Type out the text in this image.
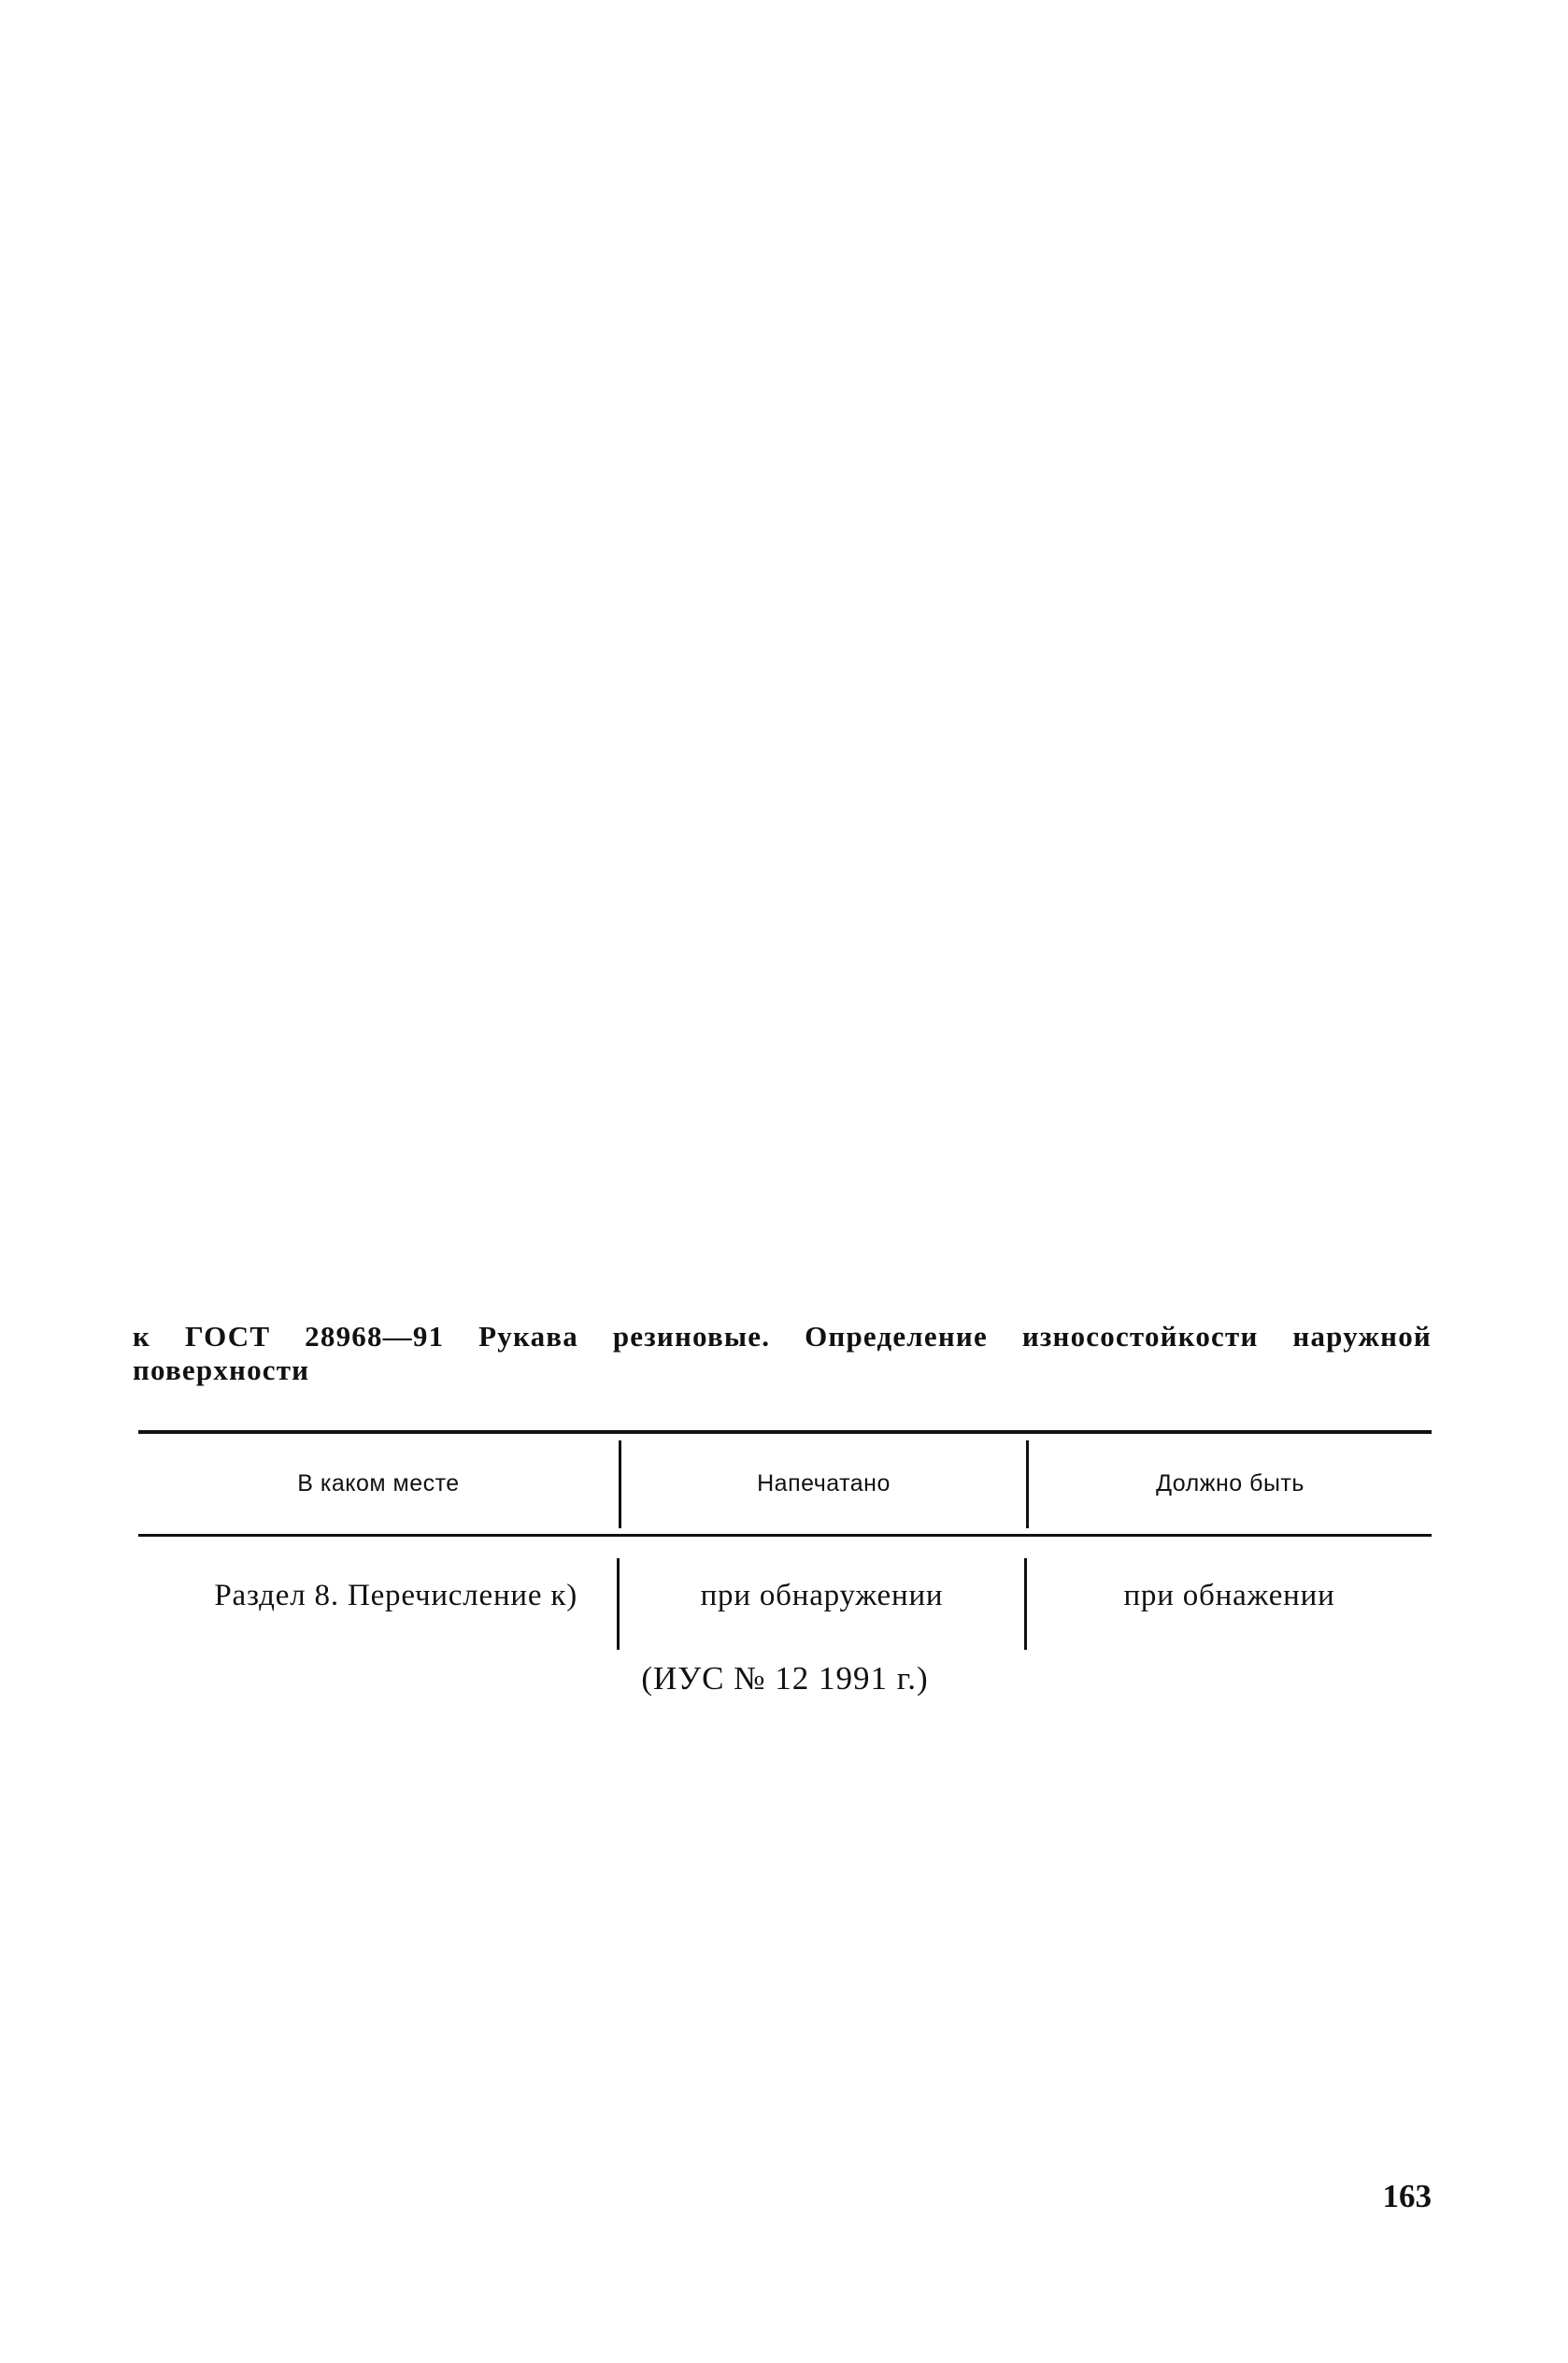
к ГОСТ 28968—91 Рукава резиновые. Определение износостойкости наружной поверхности
В каком месте	Напечатано	Должно быть
Раздел 8. Перечисление к)	при обнаружении	при обнажении
(ИУС № 12 1991 г.)
163
